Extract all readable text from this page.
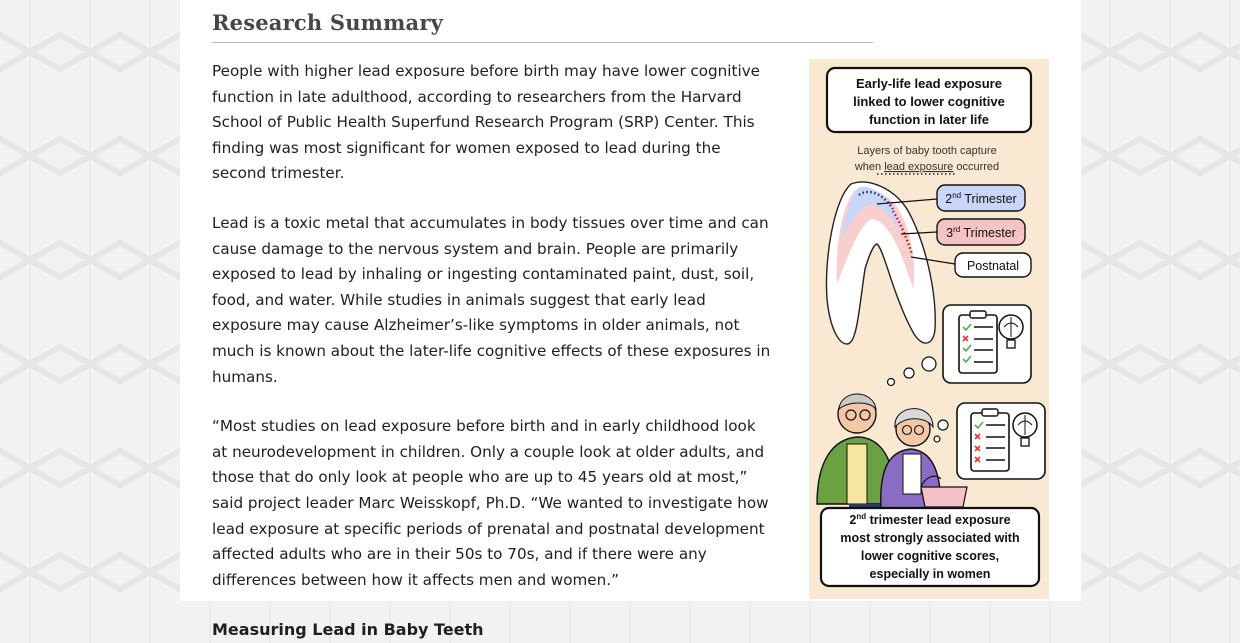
Research Summary

People with higher lead exposure before birth may have lower cognitive function in late adulthood, according to researchers from the Harvard School of Public Health Superfund Research Program (SRP) Center. This finding was most significant for women exposed to lead during the second trimester.

Lead is a toxic metal that accumulates in body tissues over time and can cause damage to the nervous system and brain. People are primarily exposed to lead by inhaling or ingesting contaminated paint, dust, soil, food, and water. While studies in animals suggest that early lead exposure may cause Alzheimer’s-like symptoms in older animals, not much is known about the later-life cognitive effects of these exposures in humans.

“Most studies on lead exposure before birth and in early childhood look at neurodevelopment in children. Only a couple look at older adults, and those that do only look at people who are up to 45 years old at most,” said project leader Marc Weisskopf, Ph.D. “We wanted to investigate how lead exposure at specific periods of prenatal and postnatal development affected adults who are in their 50s to 70s, and if there were any differences between how it affects men and women.”

Measuring Lead in Baby Teeth
Early-life lead exposure
linked to lower cognitive
function in later life
Layers of baby tooth capture
when lead exposure occurred
2nd Trimester
3rd Trimester
Postnatal
2nd trimester lead exposure
most strongly associated with
lower cognitive scores,
especially in women
